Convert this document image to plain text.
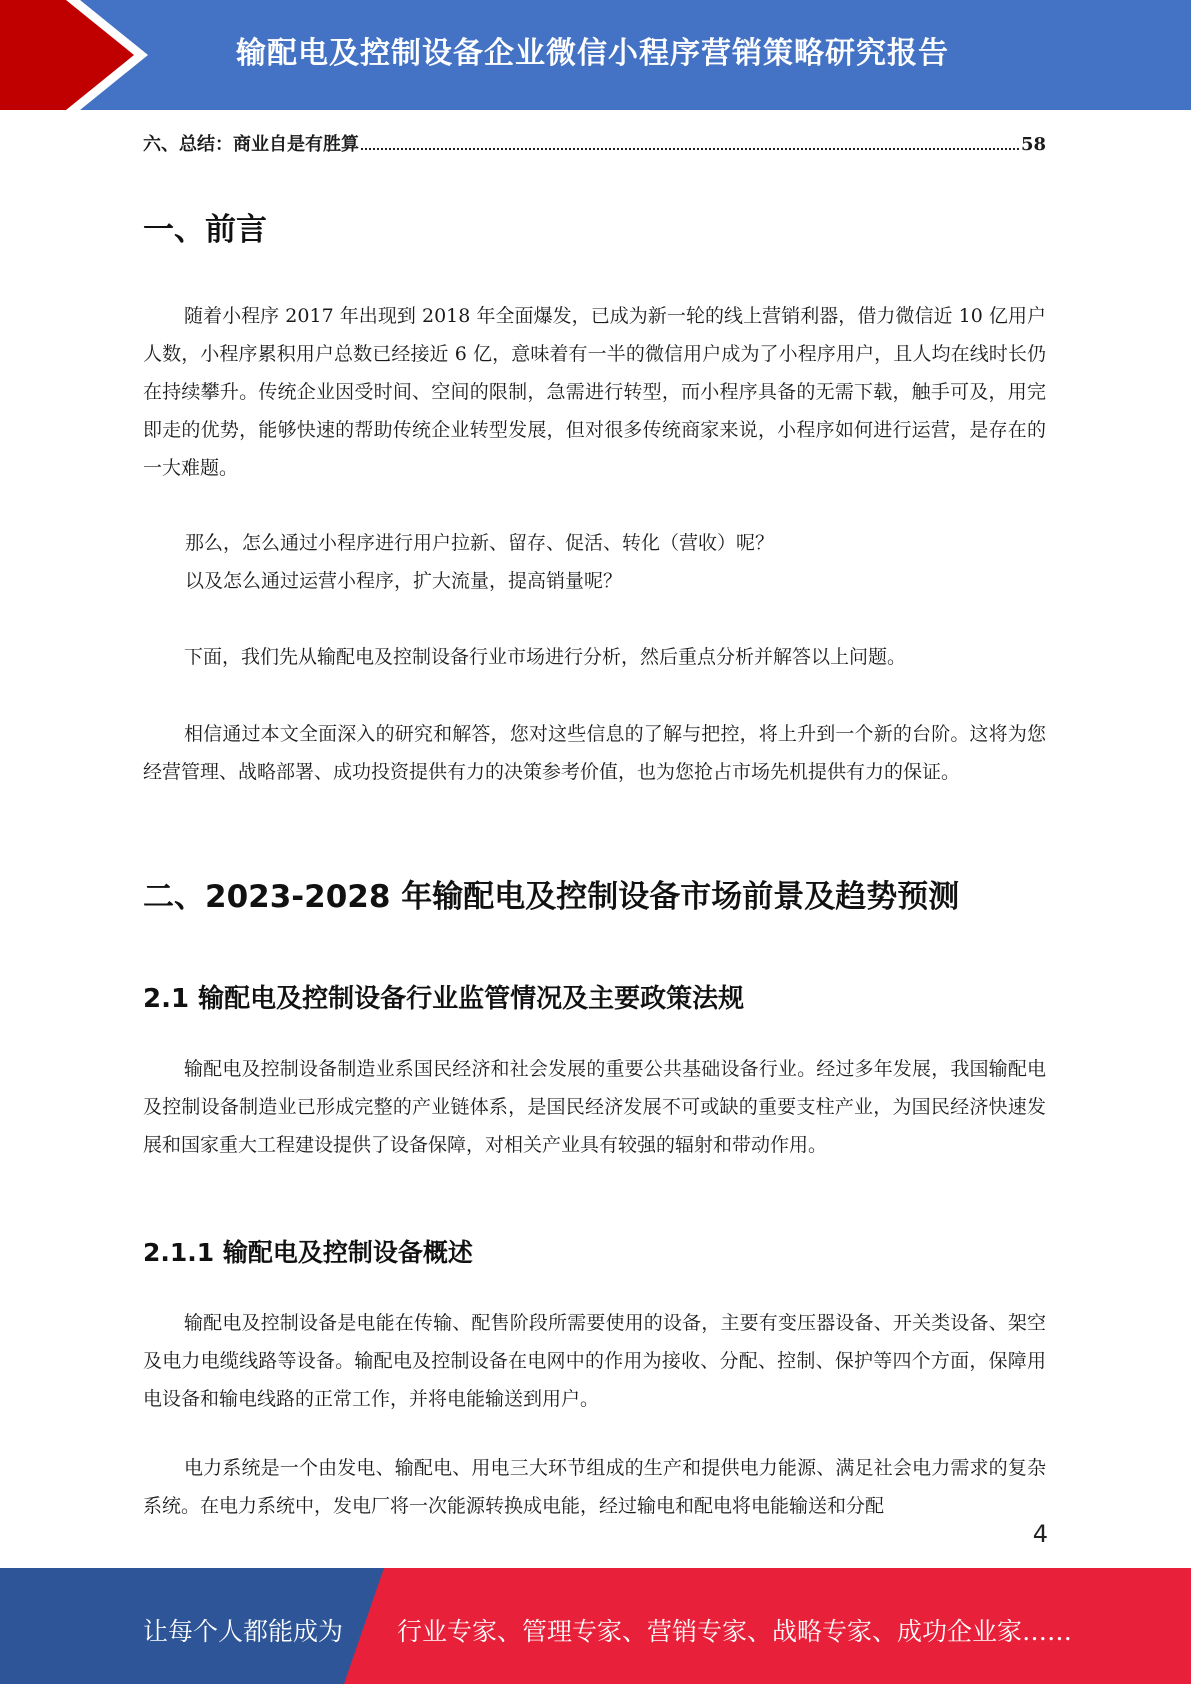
输配电及控制设备企业微信小程序营销策略研究报告
六、总结：商业自是有胜算	58
一、前言

随着小程序 2017 年出现到 2018 年全面爆发，已成为新一轮的线上营销利器，借力微信近 10 亿用户人数，小程序累积用户总数已经接近 6 亿，意味着有一半的微信用户成为了小程序用户，且人均在线时长仍在持续攀升。传统企业因受时间、空间的限制，急需进行转型，而小程序具备的无需下载，触手可及，用完即走的优势，能够快速的帮助传统企业转型发展，但对很多传统商家来说，小程序如何进行运营，是存在的一大难题。

那么，怎么通过小程序进行用户拉新、留存、促活、转化（营收）呢？
以及怎么通过运营小程序，扩大流量，提高销量呢？

下面，我们先从输配电及控制设备行业市场进行分析，然后重点分析并解答以上问题。

相信通过本文全面深入的研究和解答，您对这些信息的了解与把控，将上升到一个新的台阶。这将为您经营管理、战略部署、成功投资提供有力的决策参考价值，也为您抢占市场先机提供有力的保证。

二、2023-2028 年输配电及控制设备市场前景及趋势预测
2.1 输配电及控制设备行业监管情况及主要政策法规

输配电及控制设备制造业系国民经济和社会发展的重要公共基础设备行业。经过多年发展，我国输配电及控制设备制造业已形成完整的产业链体系，是国民经济发展不可或缺的重要支柱产业，为国民经济快速发展和国家重大工程建设提供了设备保障，对相关产业具有较强的辐射和带动作用。

2.1.1 输配电及控制设备概述

输配电及控制设备是电能在传输、配售阶段所需要使用的设备，主要有变压器设备、开关类设备、架空及电力电缆线路等设备。输配电及控制设备在电网中的作用为接收、分配、控制、保护等四个方面，保障用电设备和输电线路的正常工作，并将电能输送到用户。

电力系统是一个由发电、输配电、用电三大环节组成的生产和提供电力能源、满足社会电力需求的复杂系统。在电力系统中，发电厂将一次能源转换成电能，经过输电和配电将电能输送和分配

4
让每个人都能成为 行业专家、管理专家、营销专家、战略专家、成功企业家……
